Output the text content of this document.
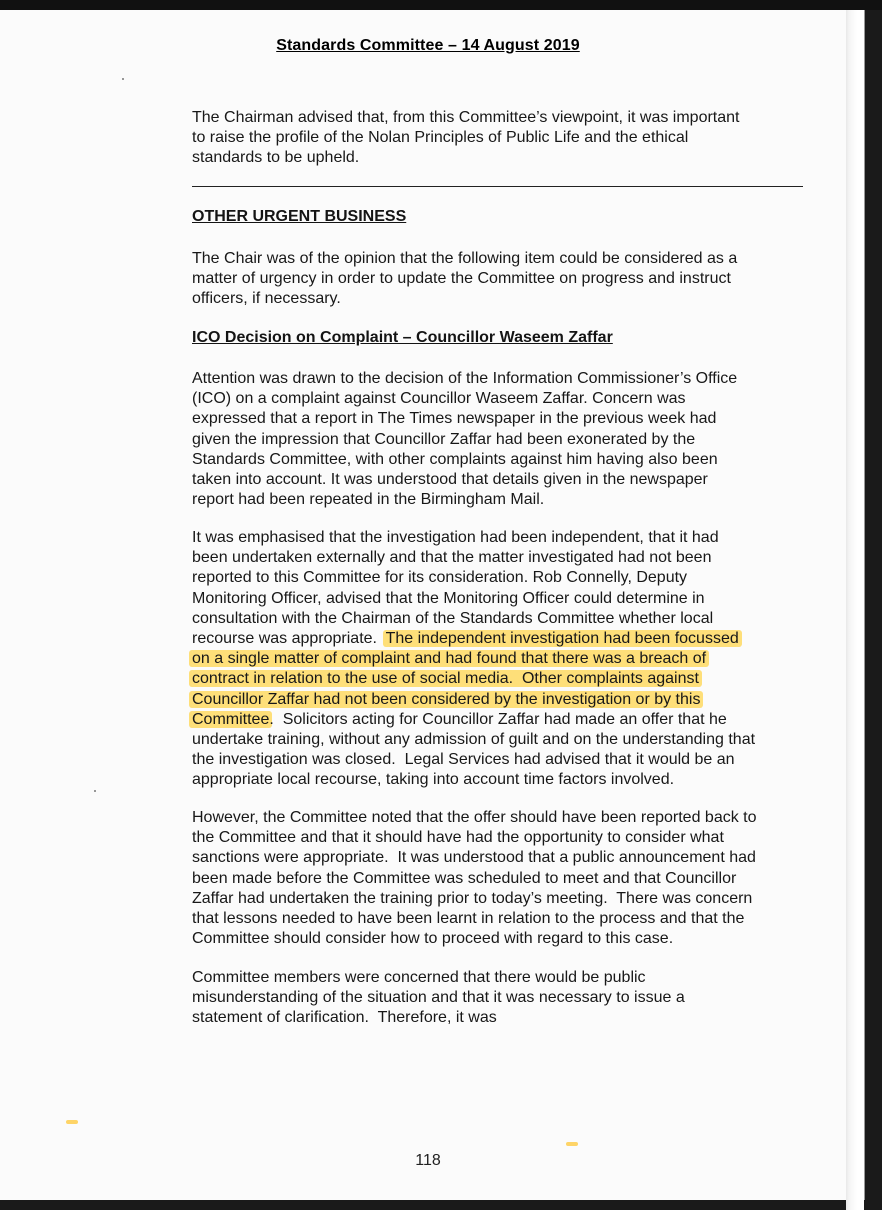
Standards Committee – 14 August 2019
The Chairman advised that, from this Committee’s viewpoint, it was important
to raise the profile of the Nolan Principles of Public Life and the ethical
standards to be upheld.
OTHER URGENT BUSINESS
The Chair was of the opinion that the following item could be considered as a
matter of urgency in order to update the Committee on progress and instruct
officers, if necessary.
ICO Decision on Complaint – Councillor Waseem Zaffar
Attention was drawn to the decision of the Information Commissioner’s Office
(ICO) on a complaint against Councillor Waseem Zaffar. Concern was
expressed that a report in The Times newspaper in the previous week had
given the impression that Councillor Zaffar had been exonerated by the
Standards Committee, with other complaints against him having also been
taken into account. It was understood that details given in the newspaper
report had been repeated in the Birmingham Mail.
It was emphasised that the investigation had been independent, that it had
been undertaken externally and that the matter investigated had not been
reported to this Committee for its consideration. Rob Connelly, Deputy
Monitoring Officer, advised that the Monitoring Officer could determine in
consultation with the Chairman of the Standards Committee whether local
recourse was appropriate.  The independent investigation had been focussed
on a single matter of complaint and had found that there was a breach of
contract in relation to the use of social media.  Other complaints against
Councillor Zaffar had not been considered by the investigation or by this
Committee.  Solicitors acting for Councillor Zaffar had made an offer that he
undertake training, without any admission of guilt and on the understanding that
the investigation was closed.  Legal Services had advised that it would be an
appropriate local recourse, taking into account time factors involved.
However, the Committee noted that the offer should have been reported back to
the Committee and that it should have had the opportunity to consider what
sanctions were appropriate.  It was understood that a public announcement had
been made before the Committee was scheduled to meet and that Councillor
Zaffar had undertaken the training prior to today’s meeting.  There was concern
that lessons needed to have been learnt in relation to the process and that the
Committee should consider how to proceed with regard to this case.
Committee members were concerned that there would be public
misunderstanding of the situation and that it was necessary to issue a
statement of clarification.  Therefore, it was
118
